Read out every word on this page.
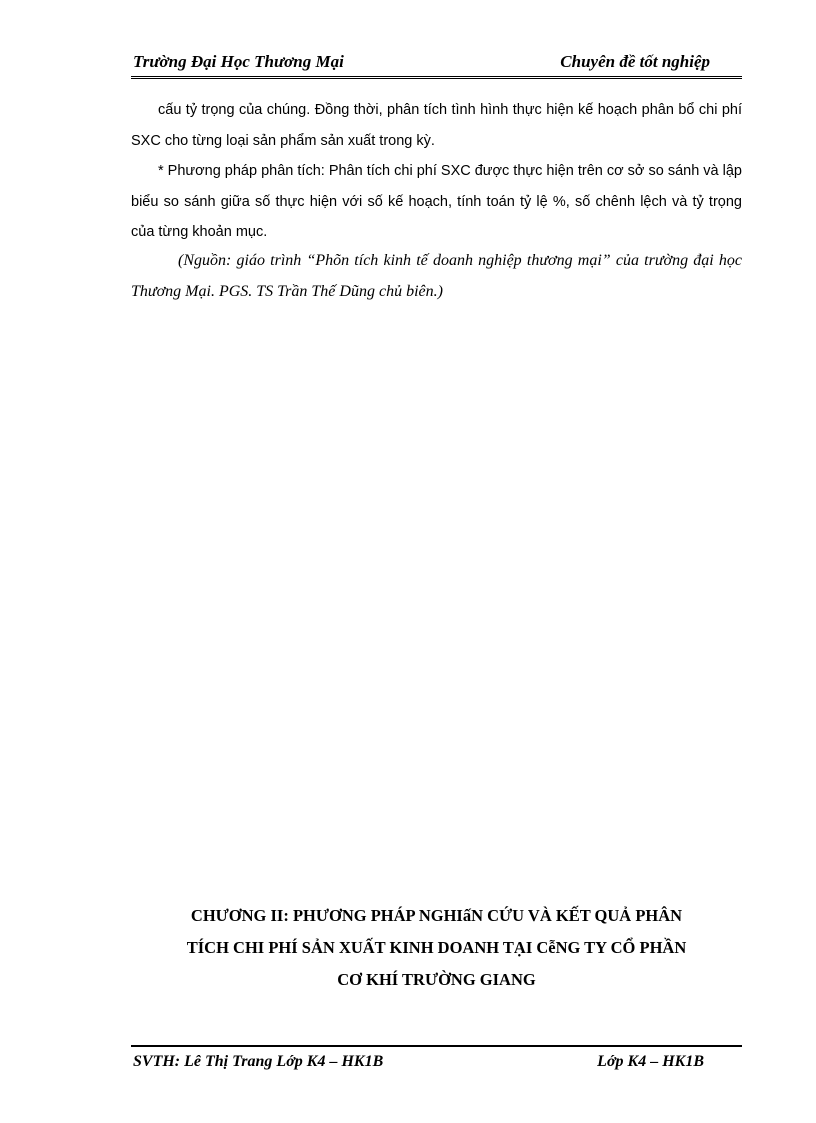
Trường Đại Học Thương Mại	Chuyên đề tốt nghiệp
cấu tỷ trọng của chúng. Đồng thời, phân tích tình hình thực hiện kế hoạch phân bổ chi phí SXC cho từng loại sản phẩm sản xuất trong kỳ.
* Phương pháp phân tích: Phân tích chi phí SXC được thực hiện trên cơ sở so sánh và lập biểu so sánh giữa số thực hiện với số kế hoạch, tính toán tỷ lệ %, số chênh lệch và tỷ trọng của từng khoản mục.
(Nguồn: giáo trình “Phõn tích kinh tế doanh nghiệp thương mại” của trường đại học Thương Mại. PGS. TS Trần Thế Dũng chủ biên.)
CHƯƠNG II: PHƯƠNG PHÁP NGHIấN CỨU VÀ KẾT QUẢ PHÂN
TÍCH CHI PHÍ SẢN XUẤT KINH DOANH TẠI CễNG TY CỔ PHẦN
CƠ KHÍ TRƯỜNG GIANG
SVTH: Lê Thị Trang Lớp K4 – HK1B	Lớp K4 – HK1B
